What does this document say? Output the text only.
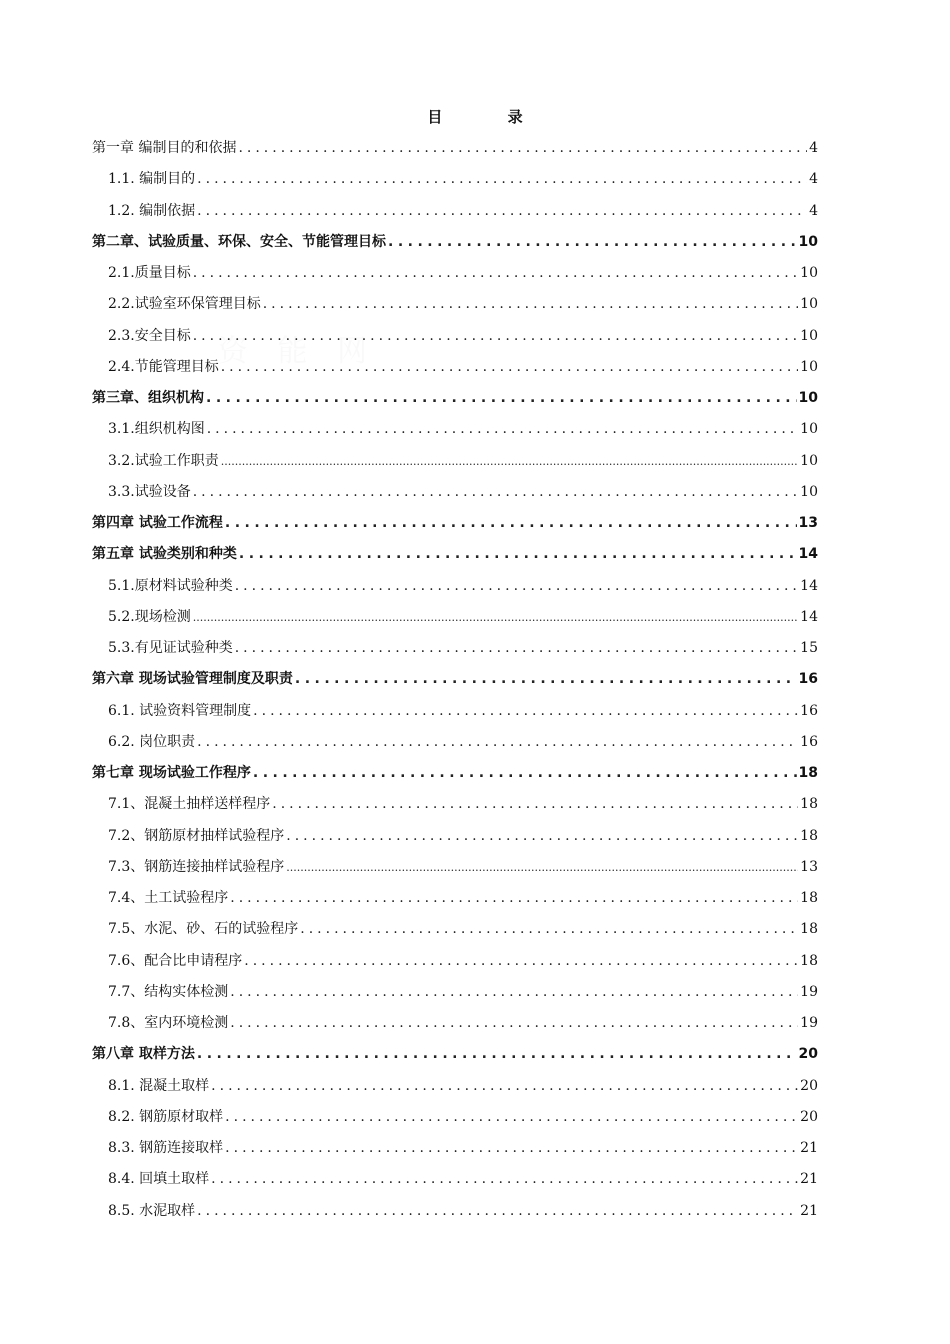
资 能 网
目 录
第一章 编制目的和依据 .....	4
1.1. 编制目的 .....	4
1.2. 编制依据 .....	4
第二章、试验质量、环保、安全、节能管理目标 .....	10
2.1.质量目标 .....	10
2.2.试验室环保管理目标 .....	10
2.3.安全目标 .....	10
2.4.节能管理目标 .....	10
第三章、组织机构 .....	10
3.1.组织机构图 .....	10
3.2.试验工作职责 .....	10
3.3.试验设备 .....	10
第四章 试验工作流程 .....	13
第五章 试验类别和种类 .....	14
5.1.原材料试验种类 .....	14
5.2.现场检测 .....	14
5.3.有见证试验种类 .....	15
第六章 现场试验管理制度及职责 .....	16
6.1. 试验资料管理制度 .....	16
6.2. 岗位职责 .....	16
第七章 现场试验工作程序 .....	18
7.1、混凝土抽样送样程序 .....	18
7.2、钢筋原材抽样试验程序 .....	18
7.3、钢筋连接抽样试验程序 .....	13
7.4、土工试验程序 .....	18
7.5、水泥、砂、石的试验程序 .....	18
7.6、配合比申请程序 .....	18
7.7、结构实体检测 .....	19
7.8、室内环境检测 .....	19
第八章 取样方法 .....	20
8.1. 混凝土取样 .....	20
8.2. 钢筋原材取样 .....	20
8.3. 钢筋连接取样 .....	21
8.4. 回填土取样 .....	21
8.5. 水泥取样 .....	21
